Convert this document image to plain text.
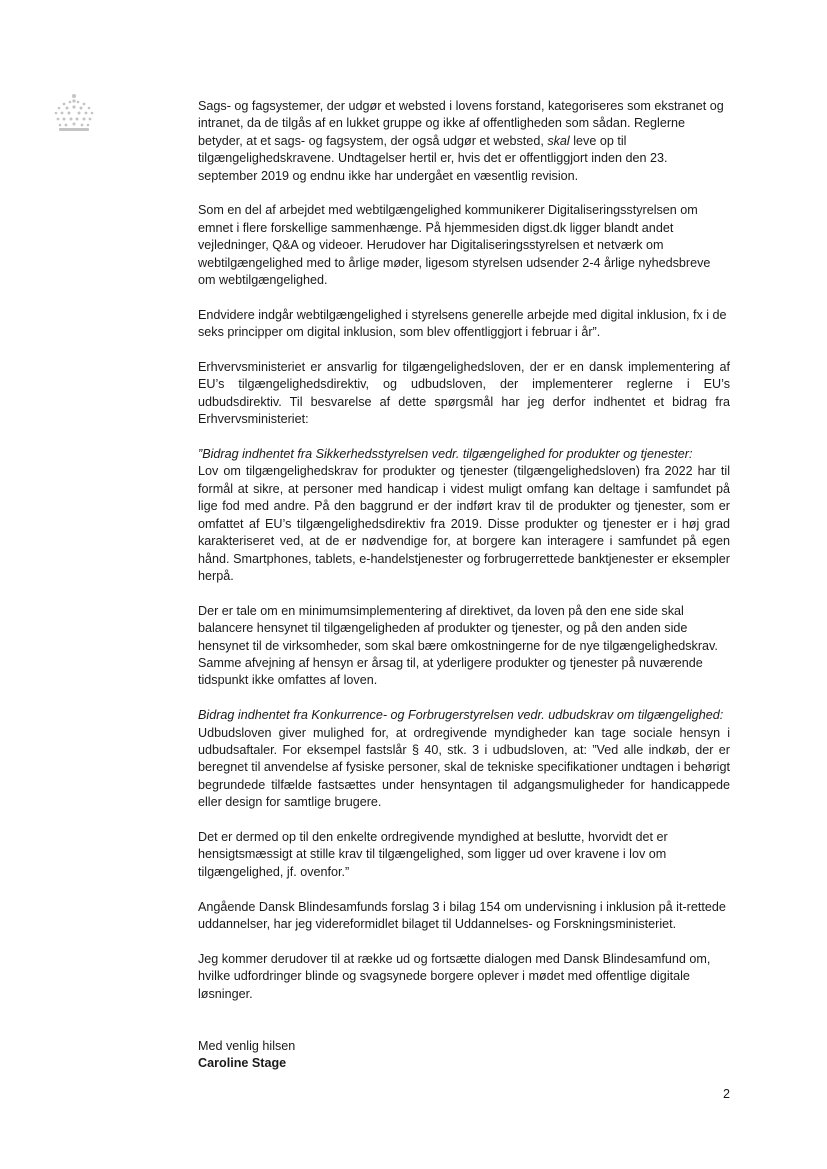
Sags- og fagsystemer, der udgør et websted i lovens forstand, kategoriseres som ekstranet og intranet, da de tilgås af en lukket gruppe og ikke af offentligheden som sådan. Reglerne betyder, at et sags- og fagsystem, der også udgør et websted, skal leve op til tilgængelighedskravene. Undtagelser hertil er, hvis det er offentliggjort inden den 23. september 2019 og endnu ikke har undergået en væsentlig revision.

Som en del af arbejdet med webtilgængelighed kommunikerer Digitaliseringsstyrelsen om emnet i flere forskellige sammenhænge. På hjemmesiden digst.dk ligger blandt andet vejledninger, Q&A og videoer. Herudover har Digitaliseringsstyrelsen et netværk om webtilgængelighed med to årlige møder, ligesom styrelsen udsender 2-4 årlige nyhedsbreve om webtilgængelighed.

Endvidere indgår webtilgængelighed i styrelsens generelle arbejde med digital inklusion, fx i de seks principper om digital inklusion, som blev offentliggjort i februar i år”.

Erhvervsministeriet er ansvarlig for tilgængelighedsloven, der er en dansk implementering af EU’s tilgængelighedsdirektiv, og udbudsloven, der implementerer reglerne i EU’s udbudsdirektiv. Til besvarelse af dette spørgsmål har jeg derfor indhentet et bidrag fra Erhvervsministeriet:

”Bidrag indhentet fra Sikkerhedsstyrelsen vedr. tilgængelighed for produkter og tjenester:
Lov om tilgængelighedskrav for produkter og tjenester (tilgængelighedsloven) fra 2022 har til formål at sikre, at personer med handicap i videst muligt omfang kan deltage i samfundet på lige fod med andre. På den baggrund er der indført krav til de produkter og tjenester, som er omfattet af EU’s tilgængelighedsdirektiv fra 2019. Disse produkter og tjenester er i høj grad karakteriseret ved, at de er nødvendige for, at borgere kan interagere i samfundet på egen hånd. Smartphones, tablets, e-handelstjenester og forbrugerrettede banktjenester er eksempler herpå.

Der er tale om en minimumsimplementering af direktivet, da loven på den ene side skal balancere hensynet til tilgængeligheden af produkter og tjenester, og på den anden side hensynet til de virksomheder, som skal bære omkostningerne for de nye tilgængelighedskrav. Samme afvejning af hensyn er årsag til, at yderligere produkter og tjenester på nuværende tidspunkt ikke omfattes af loven.

Bidrag indhentet fra Konkurrence- og Forbrugerstyrelsen vedr. udbudskrav om tilgængelighed:
Udbudsloven giver mulighed for, at ordregivende myndigheder kan tage sociale hensyn i udbudsaftaler. For eksempel fastslår § 40, stk. 3 i udbudsloven, at: ”Ved alle indkøb, der er beregnet til anvendelse af fysiske personer, skal de tekniske specifikationer undtagen i behørigt begrundede tilfælde fastsættes under hensyntagen til adgangsmuligheder for handicappede eller design for samtlige brugere.

Det er dermed op til den enkelte ordregivende myndighed at beslutte, hvorvidt det er hensigtsmæssigt at stille krav til tilgængelighed, som ligger ud over kravene i lov om tilgængelighed, jf. ovenfor.”

Angående Dansk Blindesamfunds forslag 3 i bilag 154 om undervisning i inklusion på it-rettede uddannelser, har jeg videreformidlet bilaget til Uddannelses- og Forskningsministeriet.

Jeg kommer derudover til at række ud og fortsætte dialogen med Dansk Blindesamfund om, hvilke udfordringer blinde og svagsynede borgere oplever i mødet med offentlige digitale løsninger.

Med venlig hilsen
Caroline Stage
2
